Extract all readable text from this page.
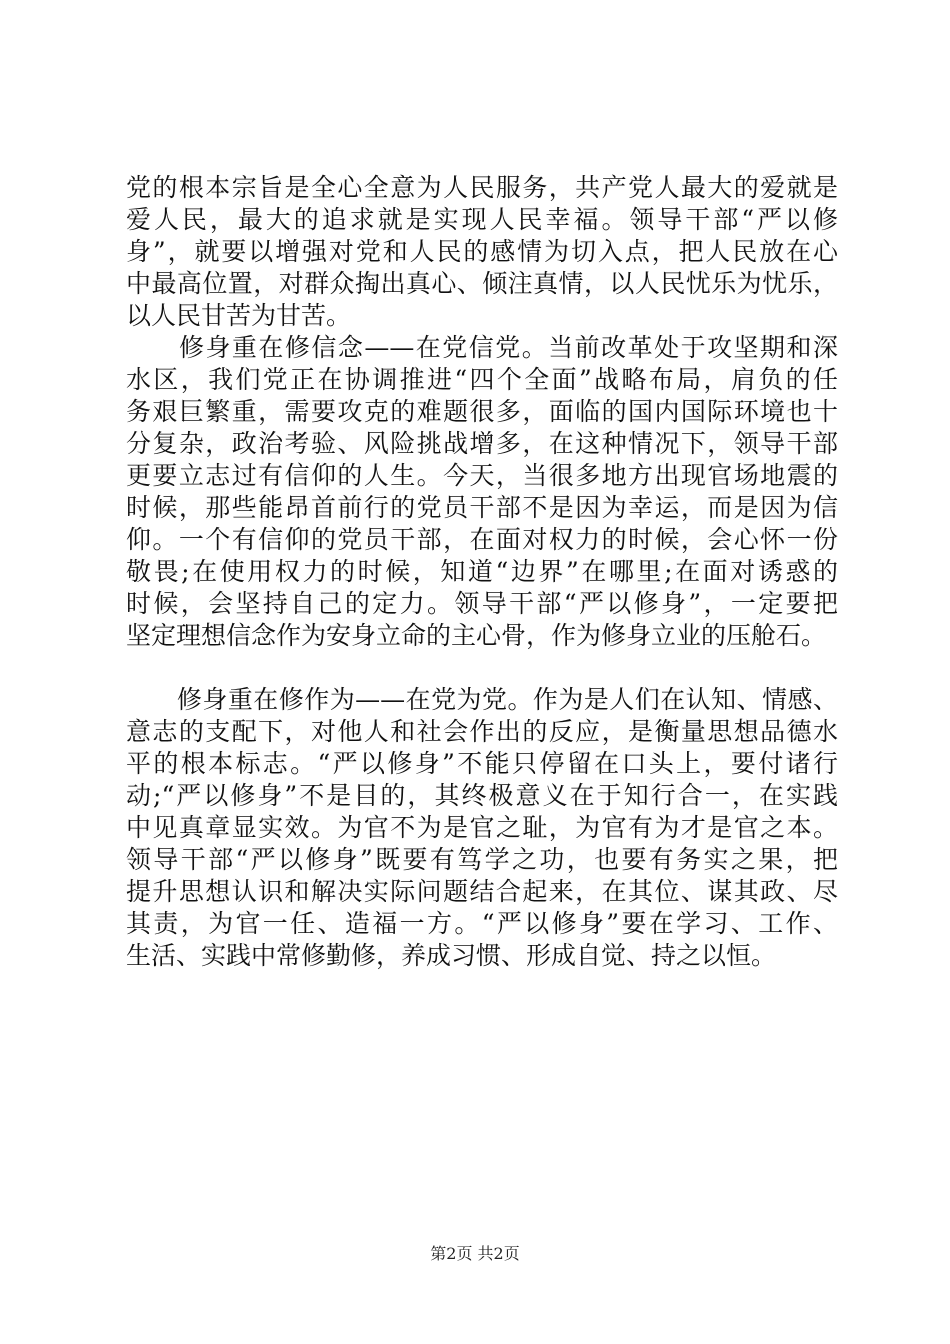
党的根本宗旨是全心全意为人民服务，共产党人最大的爱就是
爱人民，最大的追求就是实现人民幸福。领导干部“严以修
身”，就要以增强对党和人民的感情为切入点，把人民放在心
中最高位置，对群众掏出真心、倾注真情，以人民忧乐为忧乐，
以人民甘苦为甘苦。
　　修身重在修信念——在党信党。当前改革处于攻坚期和深
水区，我们党正在协调推进“四个全面”战略布局，肩负的任
务艰巨繁重，需要攻克的难题很多，面临的国内国际环境也十
分复杂，政治考验、风险挑战增多，在这种情况下，领导干部
更要立志过有信仰的人生。今天，当很多地方出现官场地震的
时候，那些能昂首前行的党员干部不是因为幸运，而是因为信
仰。一个有信仰的党员干部，在面对权力的时候，会心怀一份
敬畏;在使用权力的时候，知道“边界”在哪里;在面对诱惑的
时候，会坚持自己的定力。领导干部“严以修身”，一定要把
坚定理想信念作为安身立命的主心骨，作为修身立业的压舱石。
　　修身重在修作为——在党为党。作为是人们在认知、情感、
意志的支配下，对他人和社会作出的反应，是衡量思想品德水
平的根本标志。“严以修身”不能只停留在口头上，要付诸行
动;“严以修身”不是目的，其终极意义在于知行合一，在实践
中见真章显实效。为官不为是官之耻，为官有为才是官之本。
领导干部“严以修身”既要有笃学之功，也要有务实之果，把
提升思想认识和解决实际问题结合起来，在其位、谋其政、尽
其责，为官一任、造福一方。“严以修身”要在学习、工作、
生活、实践中常修勤修，养成习惯、形成自觉、持之以恒。
第2页 共2页
